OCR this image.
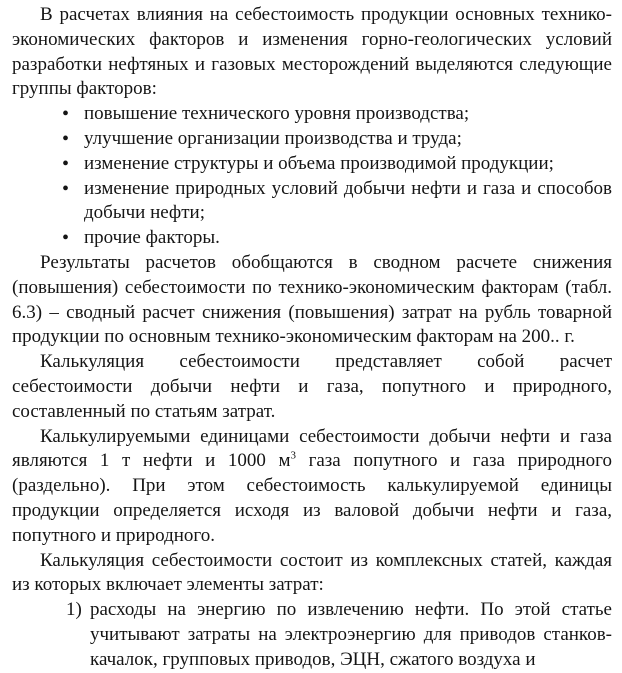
В расчетах влияния на себестоимость продукции основных технико-экономических факторов и изменения горно-геологических условий разработки нефтяных и газовых месторождений выделяются следующие группы факторов:

• повышение технического уровня производства;
• улучшение организации производства и труда;
• изменение структуры и объема производимой продукции;
• изменение природных условий добычи нефти и газа и способов добычи нефти;
• прочие факторы.

Результаты расчетов обобщаются в сводном расчете снижения (повышения) себестоимости по технико-экономическим факторам (табл. 6.3) – сводный расчет снижения (повышения) затрат на рубль товарной продукции по основным технико-экономическим факторам на 200.. г.

Калькуляция себестоимости представляет собой расчет себестоимости добычи нефти и газа, попутного и природного, составленный по статьям затрат.

Калькулируемыми единицами себестоимости добычи нефти и газа являются 1 т нефти и 1000 $м^3$ газа попутного и газа природного (раздельно). При этом себестоимость калькулируемой единицы продукции определяется исходя из валовой добычи нефти и газа, попутного и природного.

Калькуляция себестоимости состоит из комплексных статей, каждая из которых включает элементы затрат:

1) расходы на энергию по извлечению нефти. По этой статье учитывают затраты на электроэнергию для приводов станков-качалок, групповых приводов, ЭЦН, сжатого воздуха и
